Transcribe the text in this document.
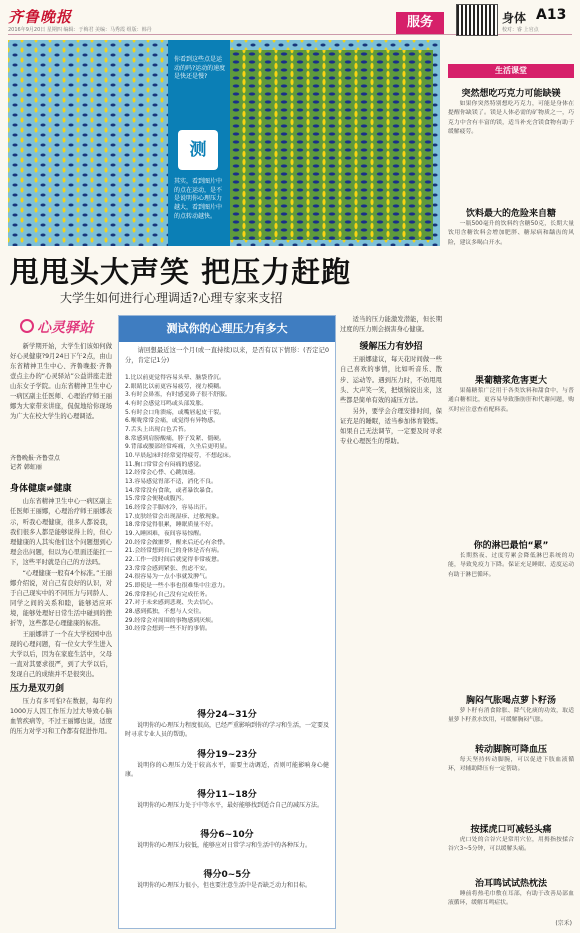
齐鲁晚报
2016年9月20日 星期四 编辑：于梅君 美编：马秀霞 组版：韩丹	服务	身体 A13
校对：睿 上官点
你看到这些点是运动的吗?运动的速度是快还是慢?
测
其实，看到图片中的点在运动，是不是说明你心理压力越大，看到图片中的点转动越快。
甩甩头大声笑 把压力赶跑
大学生如何进行心理调适?心理专家来支招
心灵驿站

新学期开始，大学生们该如何做好心灵健康?9月24日下午2点，由山东省精神卫生中心、齐鲁晚报·齐鲁壹点主办的“心灵驿站”公益讲座走进山东女子学院。山东省精神卫生中心一病区副主任医师、心理治疗师王丽娜为大家带来讲座，侃侃地给你现场为广大在校大学生的心理调适。

齐鲁晚报·齐鲁壹点
记者 韩虹丽

身体健康≠健康

山东省精神卫生中心一病区副主任医师王丽娜，心理治疗师王丽娜表示，听我心理健康，很多人都说我，我们很多人都是能够说得上的，但心理健康的人其实他们这个问题想到心理会出问题，但以为心里面还能扛一下，这些平时就是自己的方法吗。

“心理健康一般有4个标准。”王丽娜介绍说，对自己有良好的认识，对于自己现实中的不同压力与同龄人、同学之间的关系和睦，能够适应环境，能够处理好日常生活中碰到的挫折等，这些都是心理健康的标准。

王丽娜讲了一个在大学校园中出现的心理问题，有一位女大学生进入大学以后，因为在家庭生活中，父母一直对其要求很严，到了大学以后，发现自己的成绩并不是很突出。

压力是双刃剑

压力有多可怕?在数据，每年约1000万人因工作压力过大导致心脑血管疾病等，不过王丽娜也说，适度的压力对学习和工作都有促进作用。

测试你的心理压力有多大

请回想最近这一个月(或一直持续)以来，是否有以下情形：(否定记0分，肯定记1分)

1.比以前更觉得容易头晕、脑袋昏沉。
2.眼睛比以前更容易疲劳，视力模糊。
3.有时会鼻塞，有时感觉鼻子很不舒服。
4.有时会感觉耳鸣或头部发胀。
5.有时会口角溃疡，或嘴唇起皮干裂。
6.喉咙常常会痛，或觉得有异物感。
7.舌头上出现白色舌苔。
8.常感到肩膀酸痛，脖子发紧、僵硬。
9.背部或腰部经常疼痛，久坐后更明显。
10.早晨起床时经常觉得疲劳，不想起床。
11.胸口常常会有闷痛的感觉。
12.经常会心悸、心跳加速。
13.容易感觉胃部不适，消化不良。
14.常常没有食欲，或者暴饮暴食。
15.常常会便秘或腹泻。
16.经常会手脚冰冷，容易出汗。
17.皮肤经常会出现湿疹、过敏现象。
18.常常觉得很累，睡眠质量不好。
19.入睡困难，夜间容易惊醒。
20.经常会做噩梦，醒来后还心有余悸。
21.会经常想到自己的身体是否有病。
22.工作一段时间后就觉得非常疲惫。
23.常常会感到紧张、焦虑不安。
24.很容易为一点小事就发脾气。
25.即使是一些小事也很难集中注意力。
26.常常担心自己没有完成任务。
27.对于未来感到悲观、失去信心。
28.感到孤独，不想与人交往。
29.经常会对周围的事物感到厌烦。
30.经常会想到一些不好的事情。
得分24~31分

说明你的心理压力程度很高，已经严重影响到你的学习和生活，一定要及时寻求专业人员的帮助。

得分19~23分

说明你的心理压力处于较高水平，需要主动调适，否则可能影响身心健康。

得分11~18分

说明你的心理压力处于中等水平，最好能够找到适合自己的减压方法。

得分6~10分

说明你的心理压力较低，能够应对日常学习和生活中的各种压力。

得分0~5分

说明你的心理压力很小，但也要注意生活中是否缺乏动力和目标。

适当的压力能激发潜能，但长期过度的压力则会损害身心健康。

缓解压力有妙招

王丽娜建议，每天花时间做一些自己喜欢的事情，比如听音乐、散步、运动等。遇到压力时，不妨甩甩头、大声笑一笑，把烦恼说出来，这些都是简单有效的减压方法。

另外，要学会合理安排时间，保证充足的睡眠，适当参加体育锻炼。如果自己无法调节，一定要及时寻求专业心理医生的帮助。

生活课堂
突然想吃巧克力可能缺镁

如果你突然特别想吃巧克力，可能是身体在提醒你缺镁了。镁是人体必需的矿物质之一，巧克力中含有丰富的镁，适当补充含镁食物有助于缓解疲劳。

饮料最大的危险来自糖

一瓶500毫升的饮料约含糖50克，长期大量饮用含糖饮料会增加肥胖、糖尿病和龋齿的风险，建议多喝白开水。

果葡糖浆危害更大

果葡糖浆广泛用于各类饮料和甜食中，与普通白糖相比，更容易导致脂肪肝和代谢问题，购买时应注意查看配料表。

你的淋巴最怕“累”

长期熬夜、过度劳累会降低淋巴系统的功能，导致免疫力下降。保证充足睡眠、适度运动有助于淋巴循环。

胸闷气胀喝点萝卜籽汤

萝卜籽有消食除胀、降气化痰的功效，取适量萝卜籽煮水饮用，可缓解胸闷气胀。

转动脚腕可降血压

每天坚持转动脚腕，可以促进下肢血液循环，对辅助降压有一定帮助。

按揉虎口可减轻头痛

虎口处的合谷穴是常用穴位，用拇指按揉合谷穴3~5分钟，可以缓解头痛。

治耳鸣试试热枕法

睡前将热毛巾敷在耳部，有助于改善局部血液循环，缓解耳鸣症状。

(宗禾)
